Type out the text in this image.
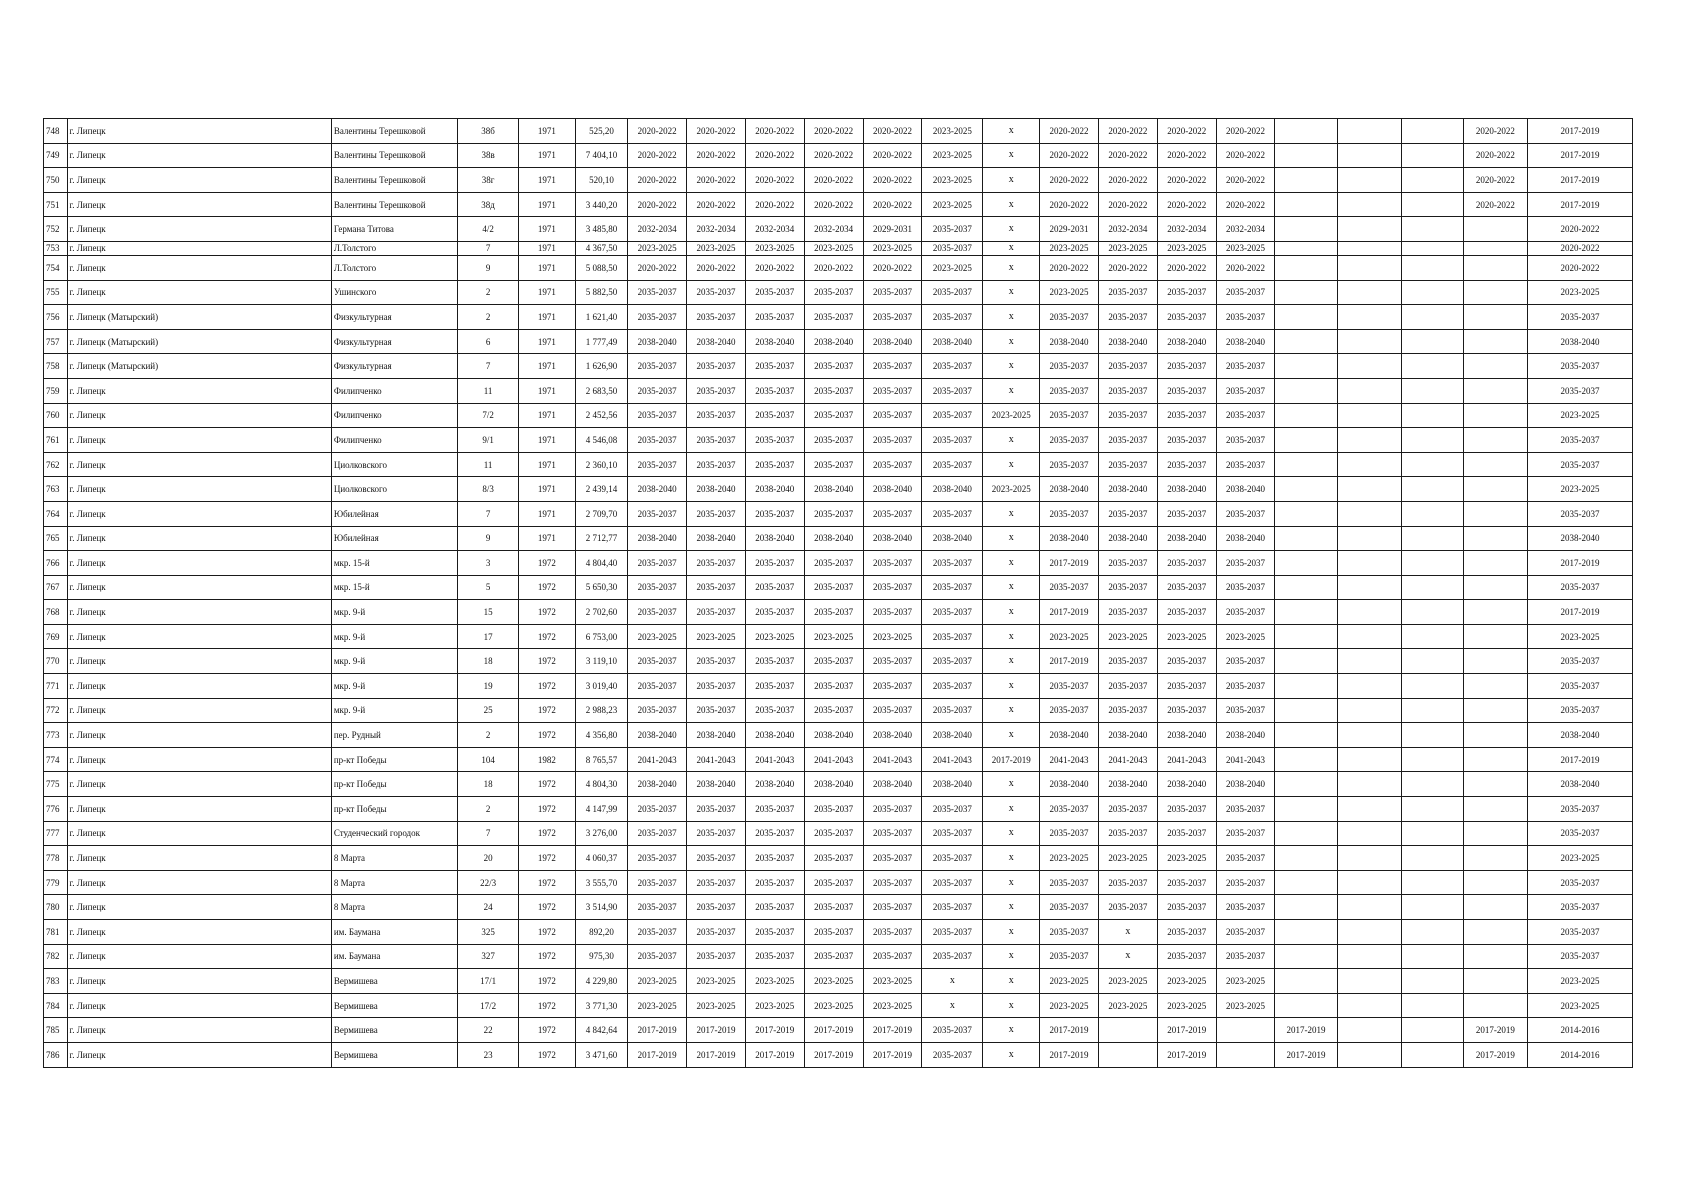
748	г. Липецк	Валентины Терешковой	38б	1971	525,20	2020-2022	2020-2022	2020-2022	2020-2022	2020-2022	2023-2025	x	2020-2022	2020-2022	2020-2022	2020-2022				2020-2022	2017-2019
749	г. Липецк	Валентины Терешковой	38в	1971	7 404,10	2020-2022	2020-2022	2020-2022	2020-2022	2020-2022	2023-2025	x	2020-2022	2020-2022	2020-2022	2020-2022				2020-2022	2017-2019
750	г. Липецк	Валентины Терешковой	38г	1971	520,10	2020-2022	2020-2022	2020-2022	2020-2022	2020-2022	2023-2025	x	2020-2022	2020-2022	2020-2022	2020-2022				2020-2022	2017-2019
751	г. Липецк	Валентины Терешковой	38д	1971	3 440,20	2020-2022	2020-2022	2020-2022	2020-2022	2020-2022	2023-2025	x	2020-2022	2020-2022	2020-2022	2020-2022				2020-2022	2017-2019
752	г. Липецк	Германа Титова	4/2	1971	3 485,80	2032-2034	2032-2034	2032-2034	2032-2034	2029-2031	2035-2037	x	2029-2031	2032-2034	2032-2034	2032-2034					2020-2022
753	г. Липецк	Л.Толстого	7	1971	4 367,50	2023-2025	2023-2025	2023-2025	2023-2025	2023-2025	2035-2037	x	2023-2025	2023-2025	2023-2025	2023-2025					2020-2022
754	г. Липецк	Л.Толстого	9	1971	5 088,50	2020-2022	2020-2022	2020-2022	2020-2022	2020-2022	2023-2025	x	2020-2022	2020-2022	2020-2022	2020-2022					2020-2022
755	г. Липецк	Ушинского	2	1971	5 882,50	2035-2037	2035-2037	2035-2037	2035-2037	2035-2037	2035-2037	x	2023-2025	2035-2037	2035-2037	2035-2037					2023-2025
756	г. Липецк (Матырский)	Физкультурная	2	1971	1 621,40	2035-2037	2035-2037	2035-2037	2035-2037	2035-2037	2035-2037	x	2035-2037	2035-2037	2035-2037	2035-2037					2035-2037
757	г. Липецк (Матырский)	Физкультурная	6	1971	1 777,49	2038-2040	2038-2040	2038-2040	2038-2040	2038-2040	2038-2040	x	2038-2040	2038-2040	2038-2040	2038-2040					2038-2040
758	г. Липецк (Матырский)	Физкультурная	7	1971	1 626,90	2035-2037	2035-2037	2035-2037	2035-2037	2035-2037	2035-2037	x	2035-2037	2035-2037	2035-2037	2035-2037					2035-2037
759	г. Липецк	Филипченко	11	1971	2 683,50	2035-2037	2035-2037	2035-2037	2035-2037	2035-2037	2035-2037	x	2035-2037	2035-2037	2035-2037	2035-2037					2035-2037
760	г. Липецк	Филипченко	7/2	1971	2 452,56	2035-2037	2035-2037	2035-2037	2035-2037	2035-2037	2035-2037	2023-2025	2035-2037	2035-2037	2035-2037	2035-2037					2023-2025
761	г. Липецк	Филипченко	9/1	1971	4 546,08	2035-2037	2035-2037	2035-2037	2035-2037	2035-2037	2035-2037	x	2035-2037	2035-2037	2035-2037	2035-2037					2035-2037
762	г. Липецк	Циолковского	11	1971	2 360,10	2035-2037	2035-2037	2035-2037	2035-2037	2035-2037	2035-2037	x	2035-2037	2035-2037	2035-2037	2035-2037					2035-2037
763	г. Липецк	Циолковского	8/3	1971	2 439,14	2038-2040	2038-2040	2038-2040	2038-2040	2038-2040	2038-2040	2023-2025	2038-2040	2038-2040	2038-2040	2038-2040					2023-2025
764	г. Липецк	Юбилейная	7	1971	2 709,70	2035-2037	2035-2037	2035-2037	2035-2037	2035-2037	2035-2037	x	2035-2037	2035-2037	2035-2037	2035-2037					2035-2037
765	г. Липецк	Юбилейная	9	1971	2 712,77	2038-2040	2038-2040	2038-2040	2038-2040	2038-2040	2038-2040	x	2038-2040	2038-2040	2038-2040	2038-2040					2038-2040
766	г. Липецк	мкр. 15-й	3	1972	4 804,40	2035-2037	2035-2037	2035-2037	2035-2037	2035-2037	2035-2037	x	2017-2019	2035-2037	2035-2037	2035-2037					2017-2019
767	г. Липецк	мкр. 15-й	5	1972	5 650,30	2035-2037	2035-2037	2035-2037	2035-2037	2035-2037	2035-2037	x	2035-2037	2035-2037	2035-2037	2035-2037					2035-2037
768	г. Липецк	мкр. 9-й	15	1972	2 702,60	2035-2037	2035-2037	2035-2037	2035-2037	2035-2037	2035-2037	x	2017-2019	2035-2037	2035-2037	2035-2037					2017-2019
769	г. Липецк	мкр. 9-й	17	1972	6 753,00	2023-2025	2023-2025	2023-2025	2023-2025	2023-2025	2035-2037	x	2023-2025	2023-2025	2023-2025	2023-2025					2023-2025
770	г. Липецк	мкр. 9-й	18	1972	3 119,10	2035-2037	2035-2037	2035-2037	2035-2037	2035-2037	2035-2037	x	2017-2019	2035-2037	2035-2037	2035-2037					2035-2037
771	г. Липецк	мкр. 9-й	19	1972	3 019,40	2035-2037	2035-2037	2035-2037	2035-2037	2035-2037	2035-2037	x	2035-2037	2035-2037	2035-2037	2035-2037					2035-2037
772	г. Липецк	мкр. 9-й	25	1972	2 988,23	2035-2037	2035-2037	2035-2037	2035-2037	2035-2037	2035-2037	x	2035-2037	2035-2037	2035-2037	2035-2037					2035-2037
773	г. Липецк	пер. Рудный	2	1972	4 356,80	2038-2040	2038-2040	2038-2040	2038-2040	2038-2040	2038-2040	x	2038-2040	2038-2040	2038-2040	2038-2040					2038-2040
774	г. Липецк	пр-кт Победы	104	1982	8 765,57	2041-2043	2041-2043	2041-2043	2041-2043	2041-2043	2041-2043	2017-2019	2041-2043	2041-2043	2041-2043	2041-2043					2017-2019
775	г. Липецк	пр-кт Победы	18	1972	4 804,30	2038-2040	2038-2040	2038-2040	2038-2040	2038-2040	2038-2040	x	2038-2040	2038-2040	2038-2040	2038-2040					2038-2040
776	г. Липецк	пр-кт Победы	2	1972	4 147,99	2035-2037	2035-2037	2035-2037	2035-2037	2035-2037	2035-2037	x	2035-2037	2035-2037	2035-2037	2035-2037					2035-2037
777	г. Липецк	Студенческий городок	7	1972	3 276,00	2035-2037	2035-2037	2035-2037	2035-2037	2035-2037	2035-2037	x	2035-2037	2035-2037	2035-2037	2035-2037					2035-2037
778	г. Липецк	8 Марта	20	1972	4 060,37	2035-2037	2035-2037	2035-2037	2035-2037	2035-2037	2035-2037	x	2023-2025	2023-2025	2023-2025	2035-2037					2023-2025
779	г. Липецк	8 Марта	22/3	1972	3 555,70	2035-2037	2035-2037	2035-2037	2035-2037	2035-2037	2035-2037	x	2035-2037	2035-2037	2035-2037	2035-2037					2035-2037
780	г. Липецк	8 Марта	24	1972	3 514,90	2035-2037	2035-2037	2035-2037	2035-2037	2035-2037	2035-2037	x	2035-2037	2035-2037	2035-2037	2035-2037					2035-2037
781	г. Липецк	им. Баумана	325	1972	892,20	2035-2037	2035-2037	2035-2037	2035-2037	2035-2037	2035-2037	x	2035-2037	x	2035-2037	2035-2037					2035-2037
782	г. Липецк	им. Баумана	327	1972	975,30	2035-2037	2035-2037	2035-2037	2035-2037	2035-2037	2035-2037	x	2035-2037	x	2035-2037	2035-2037					2035-2037
783	г. Липецк	Вермишева	17/1	1972	4 229,80	2023-2025	2023-2025	2023-2025	2023-2025	2023-2025	x	x	2023-2025	2023-2025	2023-2025	2023-2025					2023-2025
784	г. Липецк	Вермишева	17/2	1972	3 771,30	2023-2025	2023-2025	2023-2025	2023-2025	2023-2025	x	x	2023-2025	2023-2025	2023-2025	2023-2025					2023-2025
785	г. Липецк	Вермишева	22	1972	4 842,64	2017-2019	2017-2019	2017-2019	2017-2019	2017-2019	2035-2037	x	2017-2019		2017-2019		2017-2019			2017-2019	2014-2016
786	г. Липецк	Вермишева	23	1972	3 471,60	2017-2019	2017-2019	2017-2019	2017-2019	2017-2019	2035-2037	x	2017-2019		2017-2019		2017-2019			2017-2019	2014-2016
